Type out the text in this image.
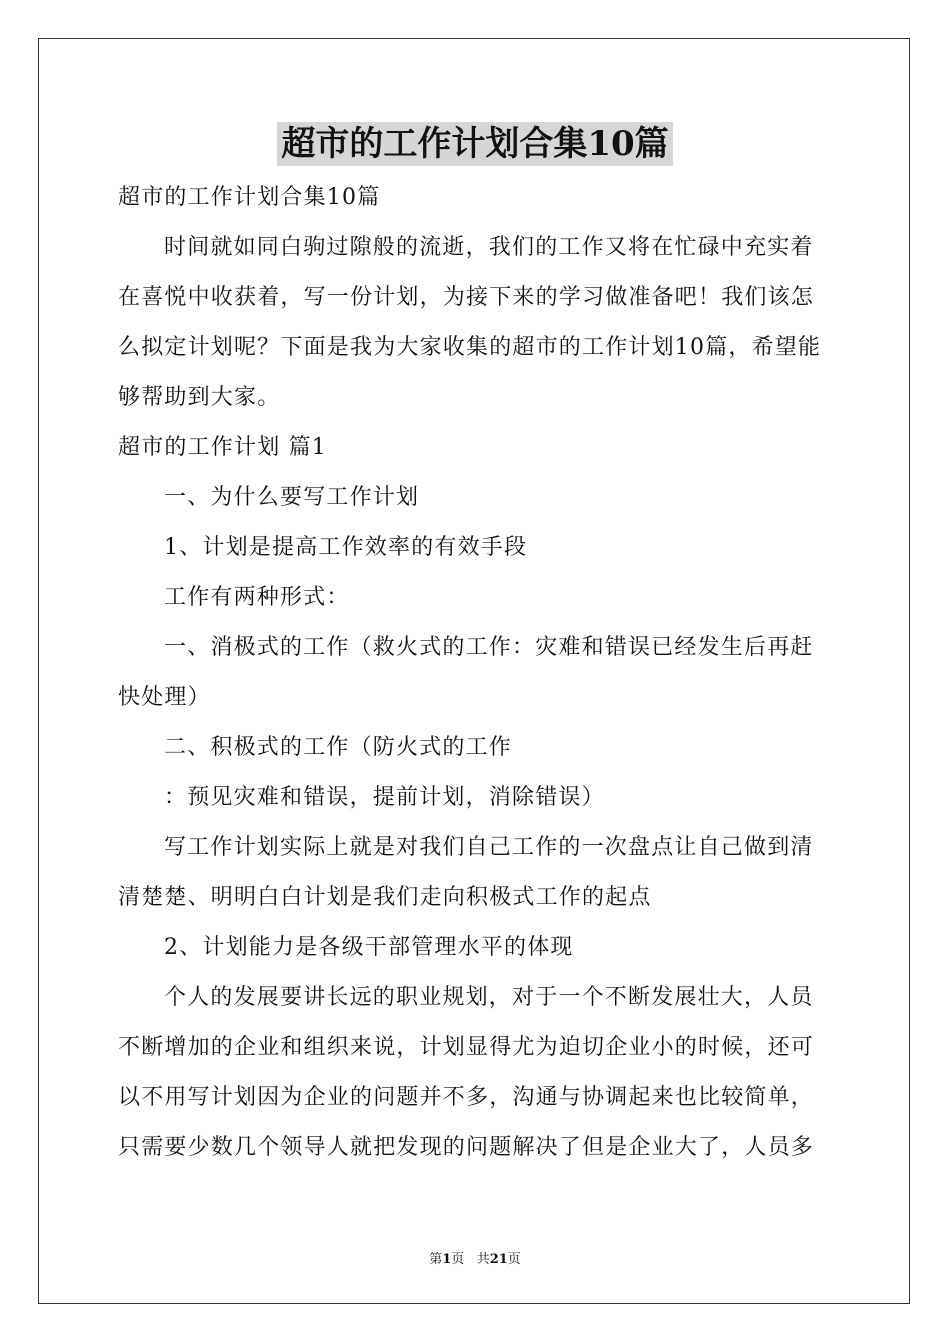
超市的工作计划合集10篇

超市的工作计划合集10篇

时间就如同白驹过隙般的流逝，我们的工作又将在忙碌中充实着在喜悦中收获着，写一份计划，为接下来的学习做准备吧！我们该怎么拟定计划呢？下面是我为大家收集的超市的工作计划10篇，希望能够帮助到大家。

超市的工作计划 篇1

一、为什么要写工作计划

1、计划是提高工作效率的有效手段

工作有两种形式：

一、消极式的工作（救火式的工作：灾难和错误已经发生后再赶快处理）

二、积极式的工作（防火式的工作

：预见灾难和错误，提前计划，消除错误）

写工作计划实际上就是对我们自己工作的一次盘点让自己做到清清楚楚、明明白白计划是我们走向积极式工作的起点

2、计划能力是各级干部管理水平的体现

个人的发展要讲长远的职业规划，对于一个不断发展壮大，人员不断增加的企业和组织来说，计划显得尤为迫切企业小的时候，还可以不用写计划因为企业的问题并不多，沟通与协调起来也比较简单，只需要少数几个领导人就把发现的问题解决了但是企业大了，人员多

第1页 共21页
